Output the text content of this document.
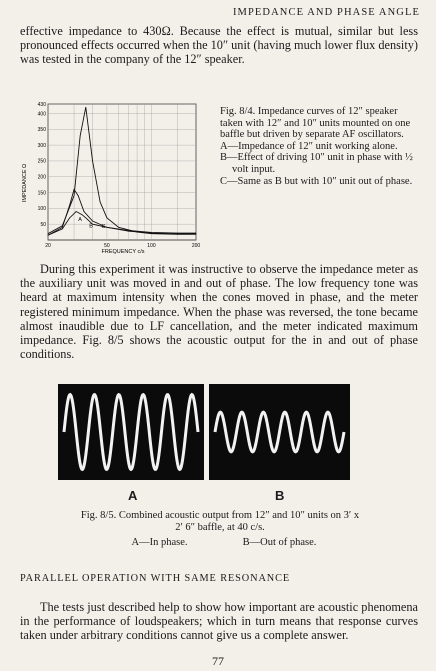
IMPEDANCE AND PHASE ANGLE

effective impedance to 430Ω. Because the effect is mutual, similar but less pronounced effects occurred when the 10″ unit (having much lower flux density) was tested in the company of the 12″ speaker.

430
400
350
300
250
200
150
100
50
20	50	100	200
A
B C
IMPEDANCE Ω
FREQUENCY c/s

Fig. 8/4. Impedance curves of 12″ speaker taken with 12″ and 10″ units mounted on one baffle but driven by separate AF oscillators.
A—Impedance of 12″ unit working alone.
B—Effect of driving 10″ unit in phase with ½ volt input.
C—Same as B but with 10″ unit out of phase.

During this experiment it was instructive to observe the impedance meter as the auxiliary unit was moved in and out of phase. The low frequency tone was heard at maximum intensity when the cones moved in phase, and the meter registered minimum impedance. When the phase was reversed, the tone became almost inaudible due to LF cancellation, and the meter indicated maximum impedance. Fig. 8/5 shows the acoustic output for the in and out of phase conditions.

A	B

Fig. 8/5. Combined acoustic output from 12″ and 10″ units on 3′ x 2′ 6″ baffle, at 40 c/s.

A—In phase.	B—Out of phase.
PARALLEL OPERATION WITH SAME RESONANCE

The tests just described help to show how important are acoustic phenomena in the performance of loudspeakers; which in turn means that response curves taken under arbitrary conditions cannot give us a complete answer.

77
